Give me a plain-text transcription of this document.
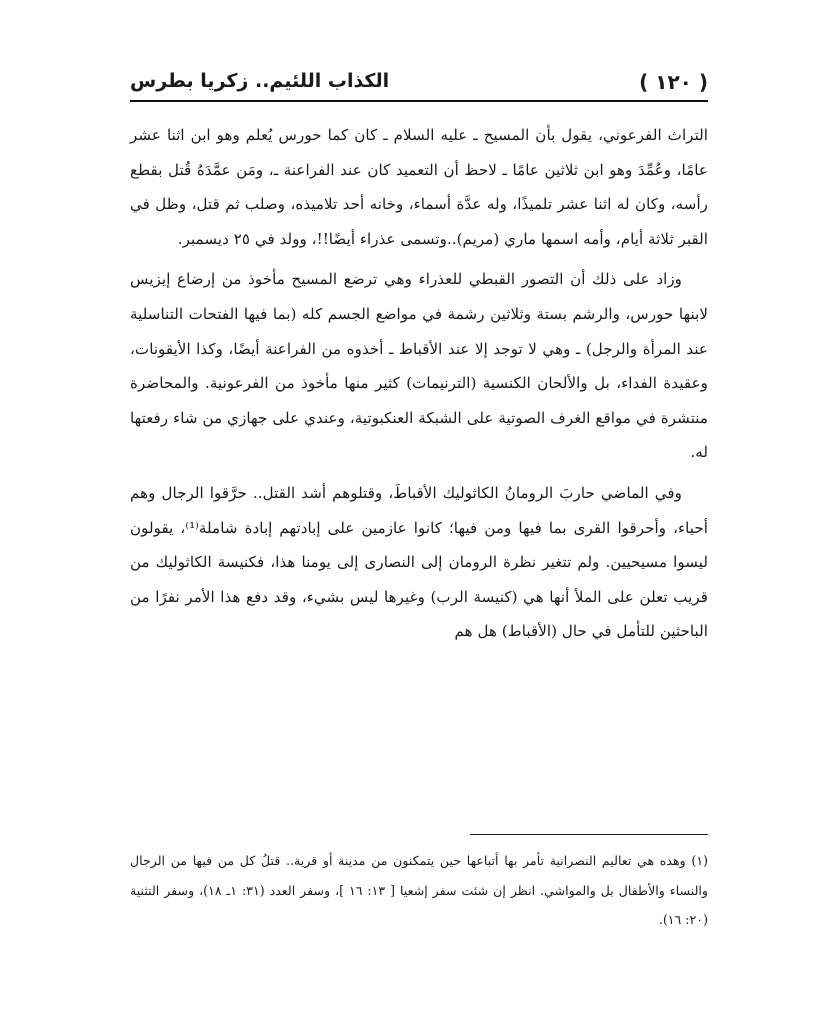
( ١٢٠ )
الكذاب اللئيم.. زكريا بطرس

التراث الفرعوني، يقول بأن المسيح ـ عليه السلام ـ كان كما حورس يُعلم وهو ابن اثنا عشر عامًا، وعُمِّدَ وهو ابن ثلاثين عامًا ـ لاحظ أن التعميد كان عند الفراعنة ـ، ومَن عمَّدَهُ قُتل بقطع رأسه، وكان له اثنا عشر تلميذًا، وله عدَّة أسماء، وخانه أحد تلاميذه، وصلب ثم قتل، وظل في القبر ثلاثة أيام، وأمه اسمها ماري (مريم)..وتسمى عذراء أيضًا!!، وولد في ٢٥ ديسمبر.

وزاد على ذلك أن التصور القبطي للعذراء وهي ترضع المسيح مأخوذ من إرضاع إيزيس لابنها حورس، والرشم بستة وثلاثين رشمة في مواضع الجسم كله (بما فيها الفتحات التناسلية عند المرأة والرجل) ـ وهي لا توجد إلا عند الأقباط ـ أخذوه من الفراعنة أيضًا، وكذا الأيقونات، وعقيدة الفداء، بل والألحان الكنسية (الترنيمات) كثير منها مأخوذ من الفرعونية. والمحاضرة منتشرة في مواقع الغرف الصوتية على الشبكة العنكبوتية، وعندي على جهازي من شاء رفعتها له.

وفي الماضي حاربَ الرومانُ الكاثوليك الأقباطَ، وقتلوهم أشد القتل.. حرَّقوا الرجال وهم أحياء، وأحرقوا القرى بما فيها ومن فيها؛ كانوا عازمين على إبادتهم إبادة شاملة⁽¹⁾، يقولون ليسوا مسيحيين. ولم تتغير نظرة الرومان إلى النصارى إلى يومنا هذا، فكنيسة الكاثوليك من قريب تعلن على الملأ أنها هي (كنيسة الرب) وغيرها ليس بشيء، وقد دفع هذا الأمر نفرًا من الباحثين للتأمل في حال (الأقباط) هل هم

(١) وهذه هي تعاليم النصرانية تأمر بها أتباعها حين يتمكنون من مدينة أو قرية.. قتلُ كل من فيها من الرجال والنساء والأطفال بل والمواشي. انظر إن شئت سفر إشعيا [ ١٣: ١٦ ]، وسفر العدد (٣١: ١ـ ١٨)، وسفر التثنية (٢٠: ١٦).
